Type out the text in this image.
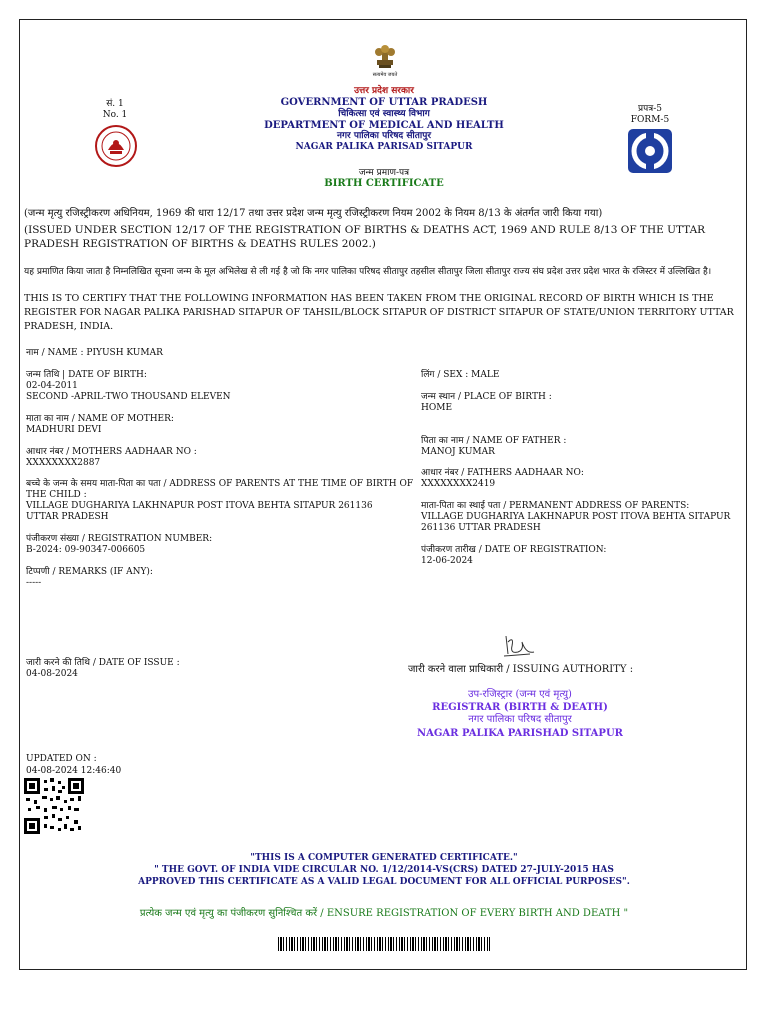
सत्यमेव जयते
उत्तर प्रदेश सरकार
GOVERNMENT OF UTTAR PRADESH
चिकित्सा एवं स्वास्थ्य विभाग
DEPARTMENT OF MEDICAL AND HEALTH
नगर पालिका परिषद सीतापुर
NAGAR PALIKA PARISAD SITAPUR
सं. 1
No. 1
प्रपत्र-5
FORM-5
जन्म प्रमाण-पत्र
BIRTH CERTIFICATE
(जन्म मृत्यु रजिस्ट्रीकरण अधिनियम, 1969 की धारा 12/17 तथा उत्तर प्रदेश जन्म मृत्यु रजिस्ट्रीकरण नियम 2002 के नियम 8/13 के अंतर्गत जारी किया गया)
(ISSUED UNDER SECTION 12/17 OF THE REGISTRATION OF BIRTHS & DEATHS ACT, 1969 AND RULE 8/13 OF THE UTTAR PRADESH REGISTRATION OF BIRTHS & DEATHS RULES 2002.)
यह प्रमाणित किया जाता है निम्नलिखित सूचना जन्म के मूल अभिलेख से ली गई है जो कि नगर पालिका परिषद सीतापुर तहसील सीतापुर जिला सीतापुर राज्य संघ प्रदेश उत्तर प्रदेश भारत के रजिस्टर में उल्लिखित है।
THIS IS TO CERTIFY THAT THE FOLLOWING INFORMATION HAS BEEN TAKEN FROM THE ORIGINAL RECORD OF BIRTH WHICH IS THE REGISTER FOR NAGAR PALIKA PARISHAD SITAPUR OF TAHSIL/BLOCK SITAPUR OF DISTRICT SITAPUR OF STATE/UNION TERRITORY UTTAR PRADESH, INDIA.
नाम / NAME : PIYUSH KUMAR
जन्म तिथि | DATE OF BIRTH:
02-04-2011
SECOND -APRIL-TWO THOUSAND ELEVEN
माता का नाम / NAME OF MOTHER:
MADHURI DEVI
आधार नंबर / MOTHERS AADHAAR NO :
XXXXXXXX2887
बच्चे के जन्म के समय माता-पिता का पता / ADDRESS OF PARENTS AT THE TIME OF BIRTH OF THE CHILD :
VILLAGE DUGHARIYA LAKHNAPUR POST ITOVA BEHTA SITAPUR 261136 UTTAR PRADESH
पंजीकरण संख्या / REGISTRATION NUMBER:
B-2024: 09-90347-006605
टिप्पणी / REMARKS (IF ANY):
-----
लिंग / SEX : MALE
जन्म स्थान / PLACE OF BIRTH :
HOME
पिता का नाम / NAME OF FATHER :
MANOJ KUMAR
आधार नंबर / FATHERS AADHAAR NO:
XXXXXXXX2419
माता-पिता का स्थाई पता / PERMANENT ADDRESS OF PARENTS:
VILLAGE DUGHARIYA LAKHNAPUR POST ITOVA BEHTA SITAPUR 261136 UTTAR PRADESH
पंजीकरण तारीख / DATE OF REGISTRATION:
12-06-2024
जारी करने की तिथि / DATE OF ISSUE :
04-08-2024	जारी करने वाला प्राधिकारी / ISSUING AUTHORITY :
उप-रजिस्ट्रार (जन्म एवं मृत्यु)
REGISTRAR (BIRTH & DEATH)
नगर पालिका परिषद सीतापुर
NAGAR PALIKA PARISHAD SITAPUR
UPDATED ON :
04-08-2024 12:46:40
"THIS IS A COMPUTER GENERATED CERTIFICATE."
" THE GOVT. OF INDIA VIDE CIRCULAR NO. 1/12/2014-VS(CRS) DATED 27-JULY-2015 HAS
APPROVED THIS CERTIFICATE AS A VALID LEGAL DOCUMENT FOR ALL OFFICIAL PURPOSES".
प्रत्येक जन्म एवं मृत्यु का पंजीकरण सुनिश्चित करें / ENSURE REGISTRATION OF EVERY BIRTH AND DEATH "
